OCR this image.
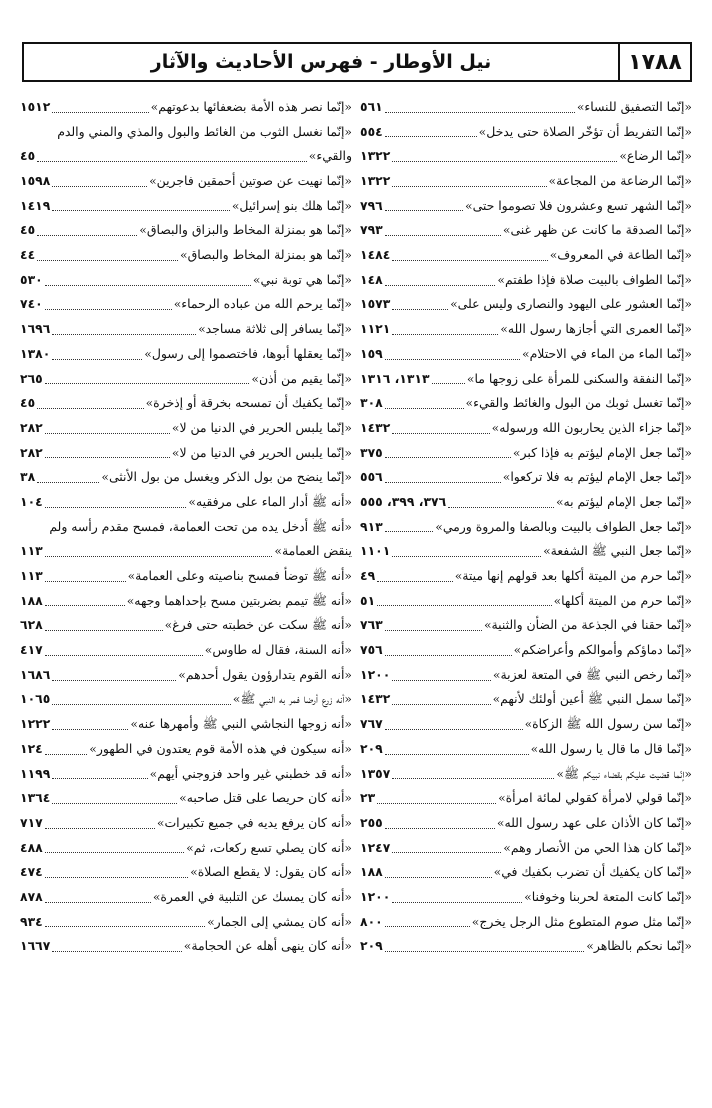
١٧٨٨
نيل الأوطار - فهرس الأحاديث والآثار
«إنّما التصفيق للنساء»
٥٦١
«إنّما التفريط أن تؤخّر الصلاة حتى يدخل»
٥٥٤
«إنّما الرضاع»
١٣٢٢
«إنّما الرضاعة من المجاعة»
١٣٢٢
«إنّما الشهر تسع وعشرون فلا تصوموا حتى»
٧٩٦
«إنّما الصدقة ما كانت عن ظهر غنى»
٧٩٣
«إنّما الطاعة في المعروف»
١٤٨٤
«إنّما الطواف بالبيت صلاة فإذا طفتم»
١٤٨
«إنّما العشور على اليهود والنصارى وليس على»
١٥٧٣
«إنّما العمرى التي أجازها رسول الله»
١١٢١
«إنّما الماء من الماء في الاحتلام»
١٥٩
«إنّما النفقة والسكنى للمرأة على زوجها ما»
١٣١٣، ١٣١٦
«إنّما تغسل ثوبك من البول والغائط والقيء»
٣٠٨
«إنّما جزاء الذين يحاربون الله ورسوله»
١٤٣٢
«إنّما جعل الإمام ليؤتم به فإذا كبر»
٣٧٥
«إنّما جعل الإمام ليؤتم به فلا تركعوا»
٥٥٦
«إنّما جعل الإمام ليؤتم به»
٣٧٦، ٣٩٩، ٥٥٥
«إنّما جعل الطواف بالبيت وبالصفا والمروة ورمي»
٩١٣
«إنّما جعل النبي ﷺ الشفعة»
١١٠١
«إنّما حرم من الميتة أكلها بعد قولهم إنها ميتة»
٤٩
«إنّما حرم من الميتة أكلها»
٥١
«إنّما حقنا في الجذعة من الضأن والثنية»
٧٦٣
«إنّما دماؤكم وأموالكم وأعراضكم»
٧٥٦
«إنّما رخص النبي ﷺ في المتعة لعزبة»
١٢٠٠
«إنّما سمل النبي ﷺ أعين أولئك لأنهم»
١٤٣٢
«إنّما سن رسول الله ﷺ الزكاة»
٧٦٧
«إنّما قال ما قال يا رسول الله»
٢٠٩
«إنّما قضيت عليكم بقضاء نبيكم ﷺ»
١٣٥٧
«إنّما قولي لامرأة كقولي لمائة امرأة»
٢٣
«إنّما كان الأذان على عهد رسول الله»
٢٥٥
«إنّما كان هذا الحي من الأنصار وهم»
١٢٤٧
«إنّما كان يكفيك أن تضرب بكفيك في»
١٨٨
«إنّما كانت المتعة لحربنا وخوفنا»
١٢٠٠
«إنّما مثل صوم المتطوع مثل الرجل يخرج»
٨٠٠
«إنّما نحكم بالظاهر»
٢٠٩
«إنّما نصر هذه الأمة بضعفائها بدعوتهم»
١٥١٢
«إنّما نغسل الثوب من الغائط والبول والمذي والمني والدم
والقيء»
٤٥
«إنّما نهيت عن صوتين أحمقين فاجرين»
١٥٩٨
«إنّما هلك بنو إسرائيل»
١٤١٩
«إنّما هو بمنزلة المخاط والبزاق والبصاق»
٤٥
«إنّما هو بمنزلة المخاط والبصاق»
٤٤
«إنّما هي توبة نبي»
٥٣٠
«إنّما يرحم الله من عباده الرحماء»
٧٤٠
«إنّما يسافر إلى ثلاثة مساجد»
١٦٩٦
«إنّما يعقلها أبوها، فاختصموا إلى رسول»
١٣٨٠
«إنّما يقيم من أذن»
٢٦٥
«إنّما يكفيك أن تمسحه بخرقة أو إذخرة»
٤٥
«إنّما يلبس الحرير في الدنيا من لا»
٢٨٢
«إنّما يلبس الحرير في الدنيا من لا»
٢٨٢
«إنّما ينضح من بول الذكر ويغسل من بول الأنثى»
٣٨
«أنه ﷺ أدار الماء على مرفقيه»
١٠٤
«أنه ﷺ أدخل يده من تحت العمامة، فمسح مقدم رأسه ولم
ينقض العمامة»
١١٣
«أنه ﷺ توضأ فمسح بناصيته وعلى العمامة»
١١٣
«أنه ﷺ تيمم بضربتين مسح بإحداهما وجهه»
١٨٨
«أنه ﷺ سكت عن خطبته حتى فرغ»
٦٢٨
«أنه السنة، فقال له طاوس»
٤١٧
«أنه القوم يتدارؤون يقول أحدهم»
١٦٨٦
«أنه زرع أرضا فمر به النبي ﷺ»
١٠٦٥
«أنه زوجها النجاشي النبي ﷺ وأمهرها عنه»
١٢٢٢
«أنه سيكون في هذه الأمة قوم يعتدون في الطهور»
١٢٤
«أنه قد خطبني غير واحد فزوجني أيهم»
١١٩٩
«أنه كان حريصا على قتل صاحبه»
١٣٦٤
«أنه كان يرفع يديه في جميع تكبيرات»
٧١٧
«أنه كان يصلي تسع ركعات، ثم»
٤٨٨
«أنه كان يقول: لا يقطع الصلاة»
٤٧٤
«أنه كان يمسك عن التلبية في العمرة»
٨٧٨
«أنه كان يمشي إلى الجمار»
٩٣٤
«أنه كان ينهى أهله عن الحجامة»
١٦٦٧
